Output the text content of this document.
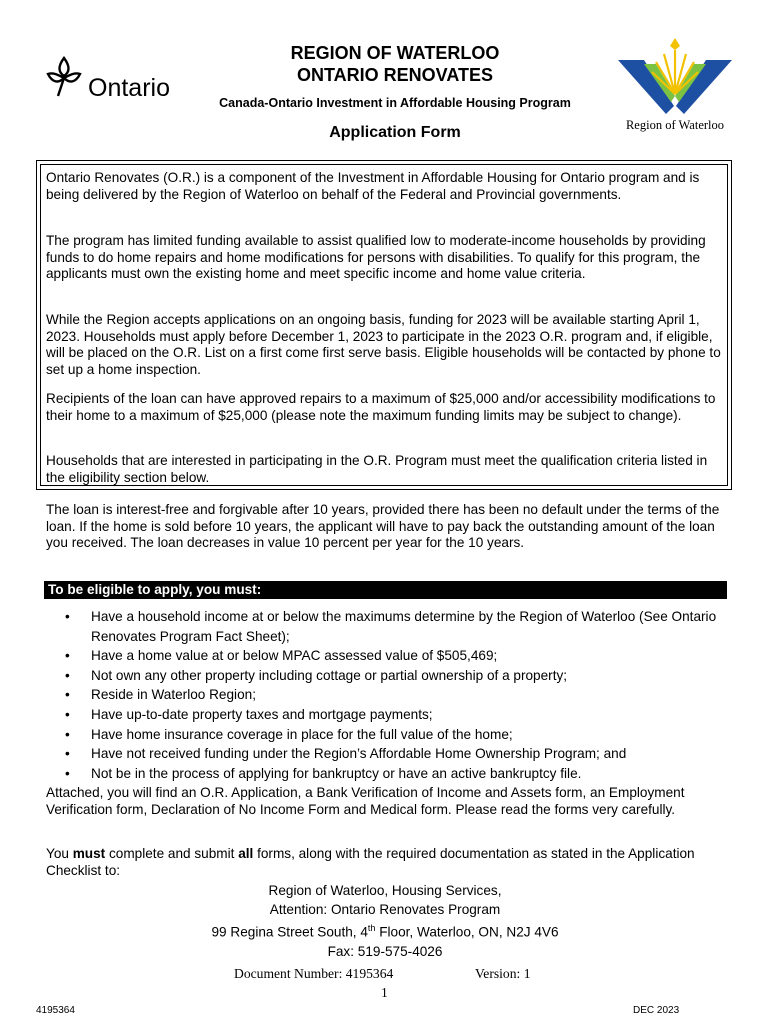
Ontario
REGION OF WATERLOO
ONTARIO RENOVATES
Canada-Ontario Investment in Affordable Housing Program
Application Form	Region of Waterloo

Ontario Renovates (O.R.) is a component of the Investment in Affordable Housing for Ontario program and is being delivered by the Region of Waterloo on behalf of the Federal and Provincial governments.

The program has limited funding available to assist qualified low to moderate-income households by providing funds to do home repairs and home modifications for persons with disabilities. To qualify for this program, the applicants must own the existing home and meet specific income and home value criteria.

While the Region accepts applications on an ongoing basis, funding for 2023 will be available starting April 1, 2023. Households must apply before December 1, 2023 to participate in the 2023 O.R. program and, if eligible, will be placed on the O.R. List on a first come first serve basis. Eligible households will be contacted by phone to set up a home inspection.

Recipients of the loan can have approved repairs to a maximum of $25,000 and/or accessibility modifications to their home to a maximum of $25,000 (please note the maximum funding limits may be subject to change).

Households that are interested in participating in the O.R. Program must meet the qualification criteria listed in the eligibility section below.

The loan is interest-free and forgivable after 10 years, provided there has been no default under the terms of the loan. If the home is sold before 10 years, the applicant will have to pay back the outstanding amount of the loan you received. The loan decreases in value 10 percent per year for the 10 years.

To be eligible to apply, you must:
• Have a household income at or below the maximums determine by the Region of Waterloo (See Ontario Renovates Program Fact Sheet);
• Have a home value at or below MPAC assessed value of $505,469;
• Not own any other property including cottage or partial ownership of a property;
• Reside in Waterloo Region;
• Have up-to-date property taxes and mortgage payments;
• Have home insurance coverage in place for the full value of the home;
• Have not received funding under the Region’s Affordable Home Ownership Program; and
• Not be in the process of applying for bankruptcy or have an active bankruptcy file.

Attached, you will find an O.R. Application, a Bank Verification of Income and Assets form, an Employment Verification form, Declaration of No Income Form and Medical form. Please read the forms very carefully.

You must complete and submit all forms, along with the required documentation as stated in the Application Checklist to:

Region of Waterloo, Housing Services,
Attention: Ontario Renovates Program
99 Regina Street South, 4th Floor, Waterloo, ON, N2J 4V6
Fax: 519-575-4026
Document Number: 4195364	Version: 1
1
4195364	DEC 2023
